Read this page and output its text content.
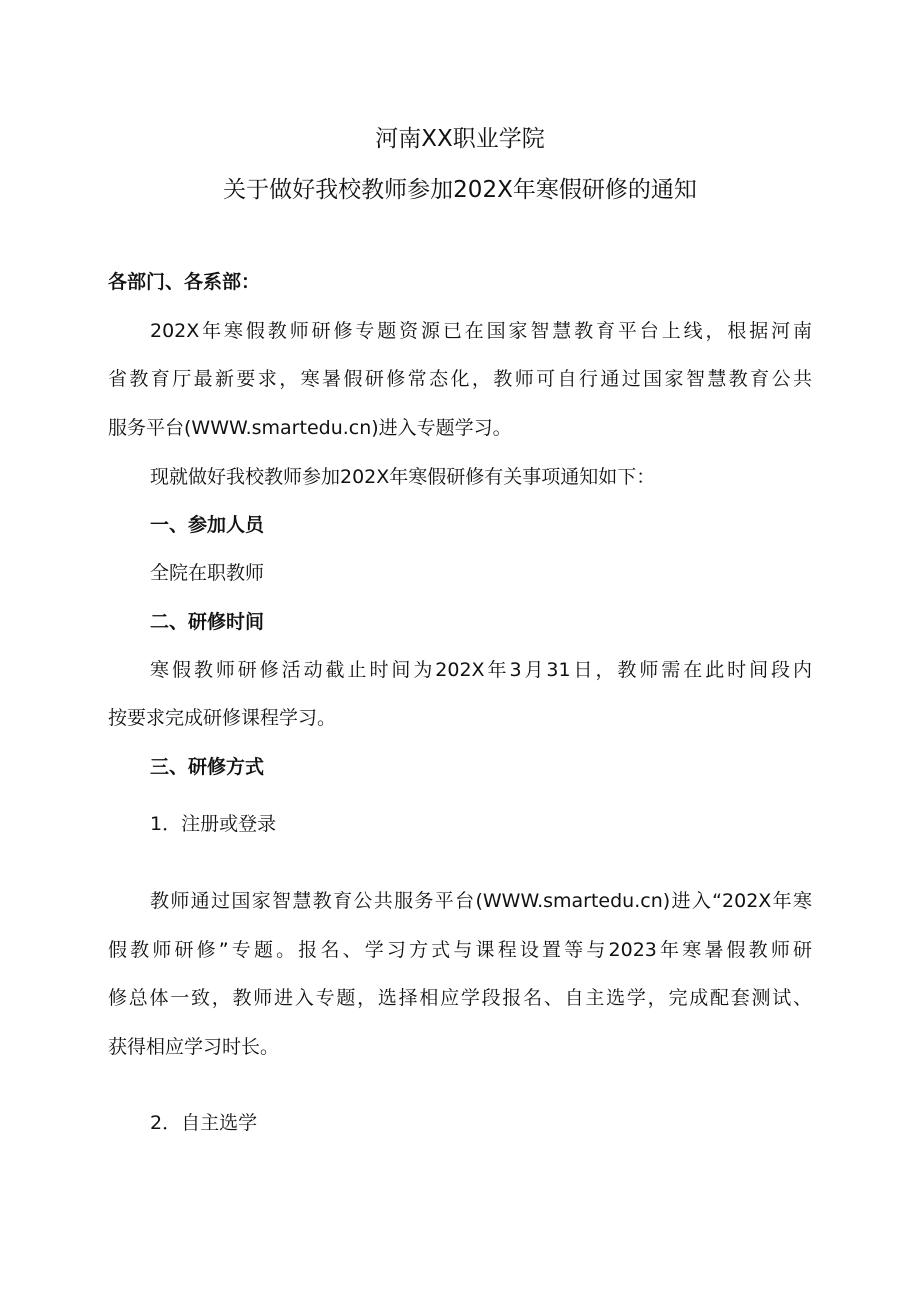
河南XX职业学院
关于做好我校教师参加202X年寒假研修的通知
各部门、各系部：
202X年寒假教师研修专题资源已在国家智慧教育平台上线，根据河南
省教育厅最新要求，寒暑假研修常态化，教师可自行通过国家智慧教育公共
服务平台(WWW.smartedu.cn)进入专题学习。
现就做好我校教师参加202X年寒假研修有关事项通知如下：
一、参加人员
全院在职教师
二、研修时间
寒假教师研修活动截止时间为202X年3月31日，教师需在此时间段内
按要求完成研修课程学习。
三、研修方式
1．注册或登录
教师通过国家智慧教育公共服务平台(WWW.smartedu.cn)进入“202X年寒
假教师研修”专题。报名、学习方式与课程设置等与2023年寒暑假教师研
修总体一致，教师进入专题，选择相应学段报名、自主选学，完成配套测试、
获得相应学习时长。
2．自主选学
